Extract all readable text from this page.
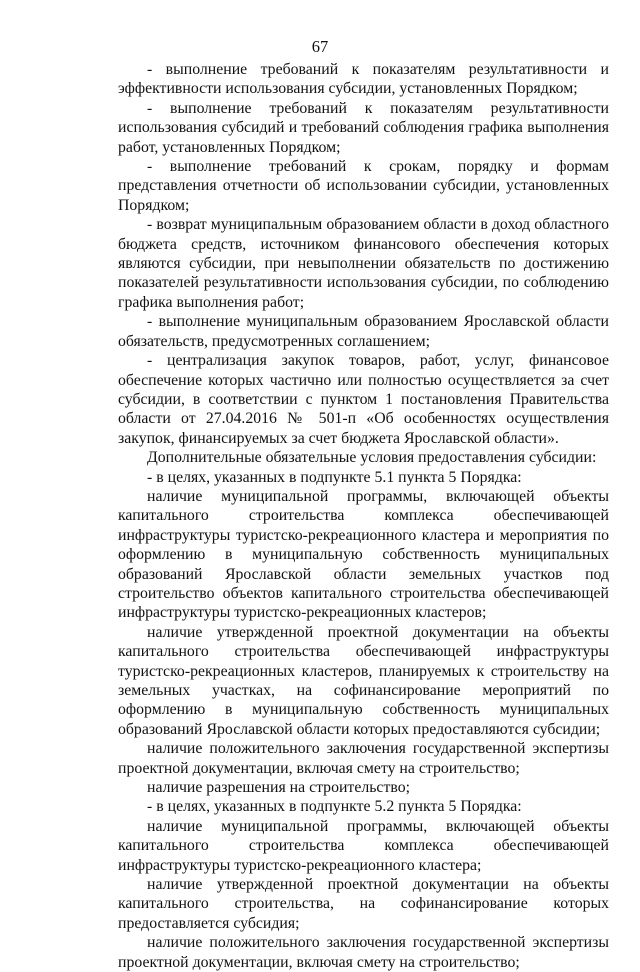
67

- выполнение требований к показателям результативности и эффективности использования субсидии, установленных Порядком;

- выполнение требований к показателям результативности использования субсидий и требований соблюдения графика выполнения работ, установленных Порядком;

- выполнение требований к срокам, порядку и формам представления отчетности об использовании субсидии, установленных Порядком;

- возврат муниципальным образованием области в доход областного бюджета средств, источником финансового обеспечения которых являются субсидии, при невыполнении обязательств по достижению показателей результативности использования субсидии, по соблюдению графика выполнения работ;

- выполнение муниципальным образованием Ярославской области обязательств, предусмотренных соглашением;

- централизация закупок товаров, работ, услуг, финансовое обеспечение которых частично или полностью осуществляется за счет субсидии, в соответствии с пунктом 1 постановления Правительства области от 27.04.2016 № 501-п «Об особенностях осуществления закупок, финансируемых за счет бюджета Ярославской области».

Дополнительные обязательные условия предоставления субсидии:

- в целях, указанных в подпункте 5.1 пункта 5 Порядка:

наличие муниципальной программы, включающей объекты капитального строительства комплекса обеспечивающей инфраструктуры туристско-рекреационного кластера и мероприятия по оформлению в муниципальную собственность муниципальных образований Ярославской области земельных участков под строительство объектов капитального строительства обеспечивающей инфраструктуры туристско-рекреационных кластеров;

наличие утвержденной проектной документации на объекты капитального строительства обеспечивающей инфраструктуры туристско-рекреационных кластеров, планируемых к строительству на земельных участках, на софинансирование мероприятий по оформлению в муниципальную собственность муниципальных образований Ярославской области которых предоставляются субсидии;

наличие положительного заключения государственной экспертизы проектной документации, включая смету на строительство;

наличие разрешения на строительство;

- в целях, указанных в подпункте 5.2 пункта 5 Порядка:

наличие муниципальной программы, включающей объекты капитального строительства комплекса обеспечивающей инфраструктуры туристско-рекреационного кластера;

наличие утвержденной проектной документации на объекты капитального строительства, на софинансирование которых предоставляется субсидия;

наличие положительного заключения государственной экспертизы проектной документации, включая смету на строительство;
